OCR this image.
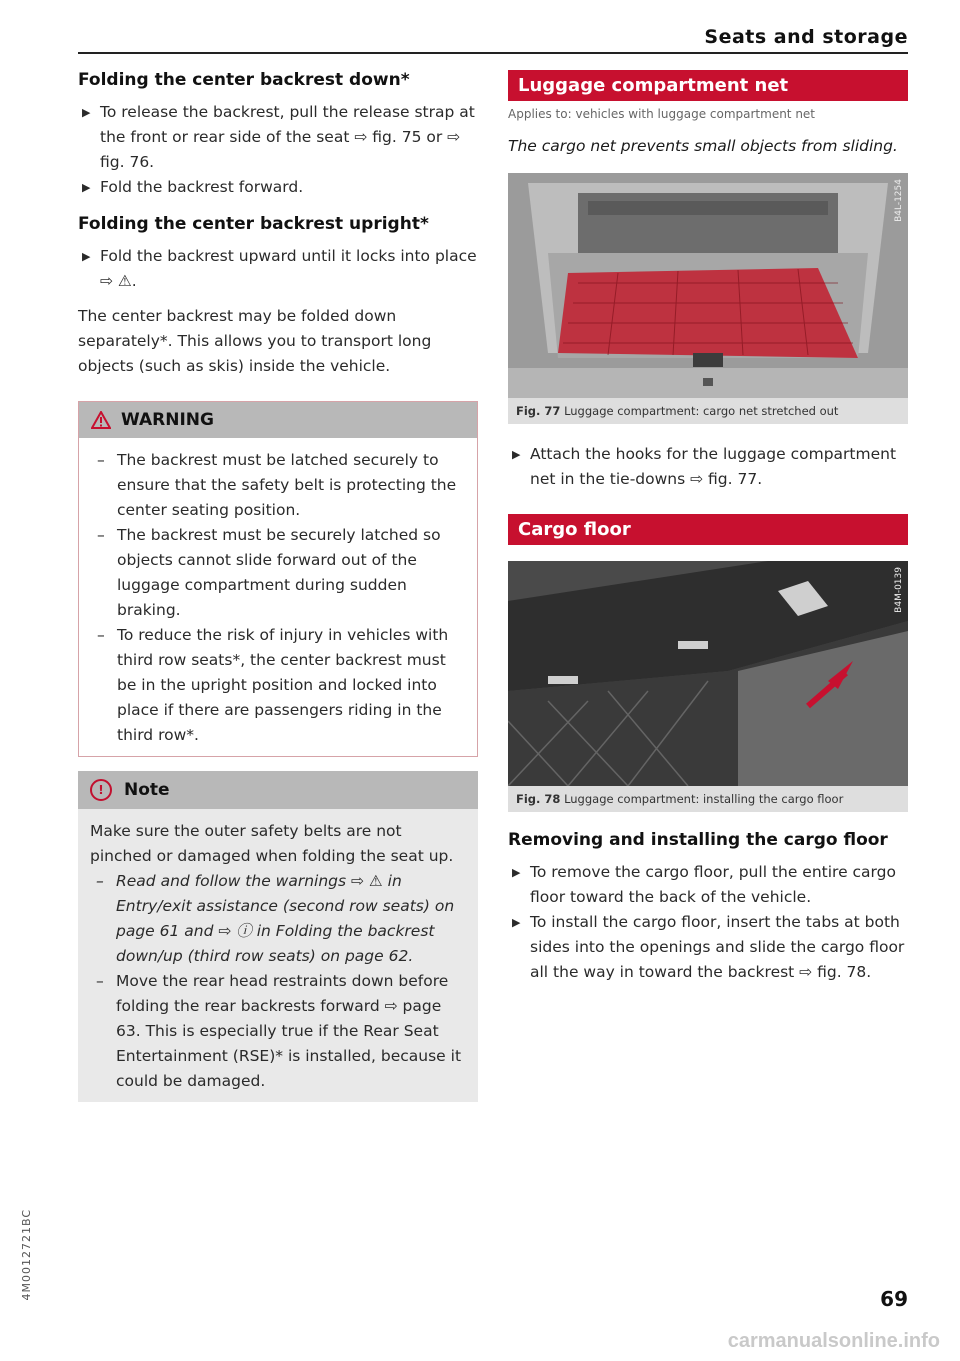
Seats and storage
Folding the center backrest down*
▶ To release the backrest, pull the release strap at the front or rear side of the seat ⇨ fig. 75 or ⇨ fig. 76.
▶ Fold the backrest forward.
Folding the center backrest upright*
▶ Fold the backrest upward until it locks into place ⇨ ⚠.

The center backrest may be folded down separately*. This allows you to transport long objects (such as skis) inside the vehicle.

WARNING
– The backrest must be latched securely to ensure that the safety belt is protecting the center seating position.
– The backrest must be securely latched so objects cannot slide forward out of the luggage compartment during sudden braking.
– To reduce the risk of injury in vehicles with third row seats*, the center backrest must be in the upright position and locked into place if there are passengers riding in the third row*.
!	Note

Make sure the outer safety belts are not pinched or damaged when folding the seat up.

– Read and follow the warnings ⇨ ⚠ in Entry/exit assistance (second row seats) on page 61 and ⇨ ⓘ in Folding the backrest down/up (third row seats) on page 62.
– Move the rear head restraints down before folding the rear backrests forward ⇨ page 63. This is especially true if the Rear Seat Entertainment (RSE)* is installed, because it could be damaged.
Luggage compartment net
Applies to: vehicles with luggage compartment net
The cargo net prevents small objects from sliding.
B4L-1254
Fig. 77 Luggage compartment: cargo net stretched out
▶ Attach the hooks for the luggage compartment net in the tie-downs ⇨ fig. 77.
Cargo floor
B4M-0139
Fig. 78 Luggage compartment: installing the cargo floor
Removing and installing the cargo floor
▶ To remove the cargo floor, pull the entire cargo floor toward the back of the vehicle.
▶ To install the cargo floor, insert the tabs at both sides into the openings and slide the cargo floor all the way in toward the backrest ⇨ fig. 78.
4M0012721BC	69
carmanualsonline.info
